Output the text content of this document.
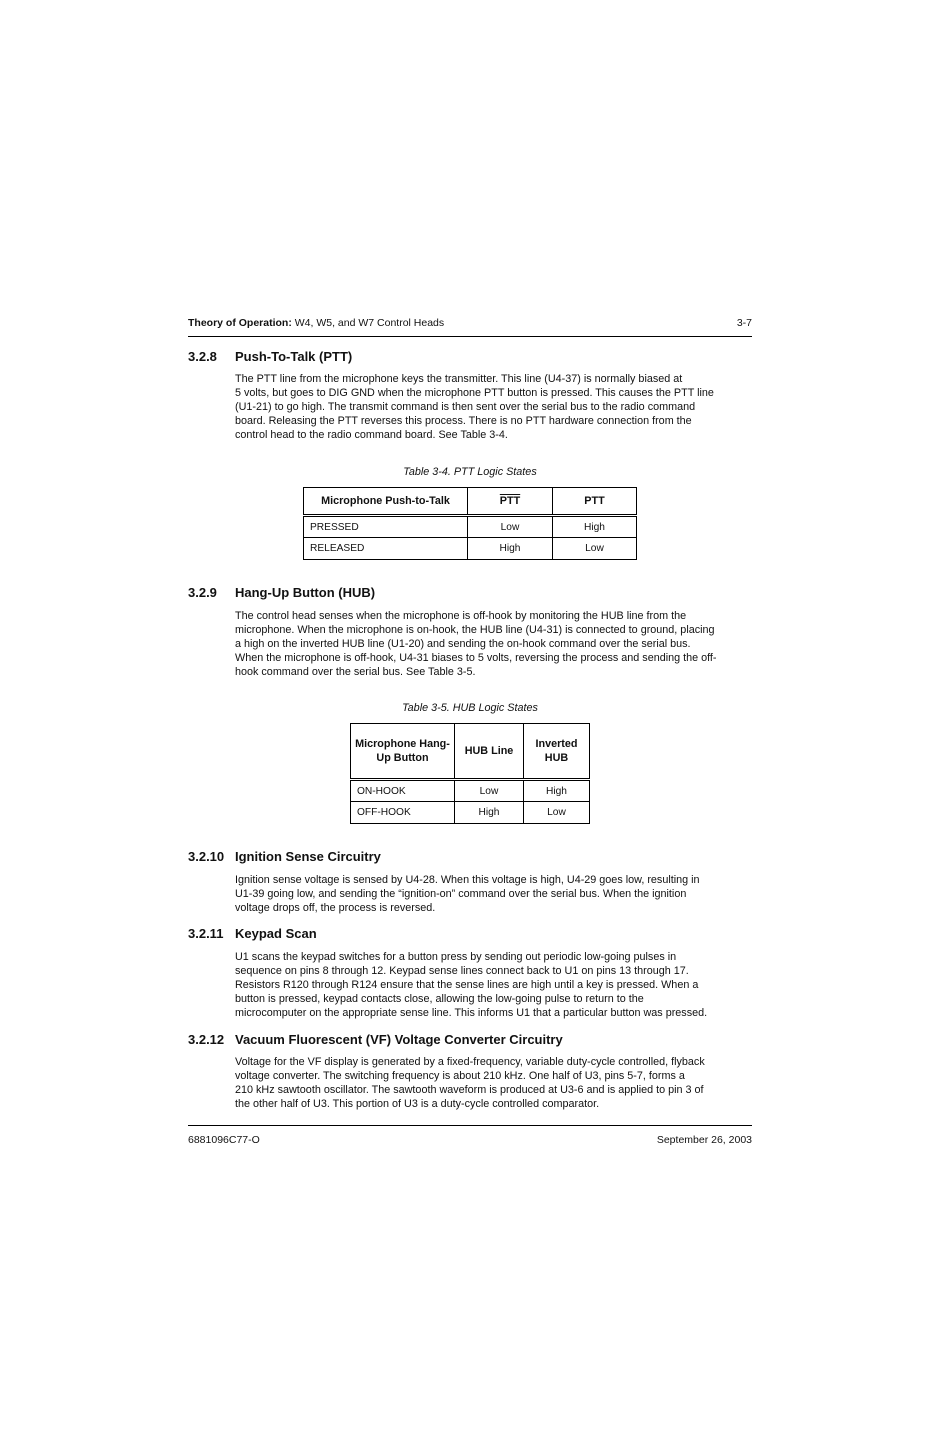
Theory of Operation: W4, W5, and W7 Control Heads	3-7
3.2.8 Push-To-Talk (PTT)
The PTT line from the microphone keys the transmitter. This line (U4-37) is normally biased at
5 volts, but goes to DIG GND when the microphone PTT button is pressed. This causes the PTT line
(U1-21) to go high. The transmit command is then sent over the serial bus to the radio command
board. Releasing the PTT reverses this process. There is no PTT hardware connection from the
control head to the radio command board. See Table 3-4.
Table 3-4. PTT Logic States
Microphone Push-to-Talk	$\overline{PTT}$	PTT
PRESSED	Low	High
RELEASED	High	Low
3.2.9 Hang-Up Button (HUB)
The control head senses when the microphone is off-hook by monitoring the HUB line from the
microphone. When the microphone is on-hook, the HUB line (U4-31) is connected to ground, placing
a high on the inverted HUB line (U1-20) and sending the on-hook command over the serial bus.
When the microphone is off-hook, U4-31 biases to 5 volts, reversing the process and sending the off-
hook command over the serial bus. See Table 3-5.
Table 3-5. HUB Logic States
Microphone Hang-Up Button	HUB Line	Inverted HUB
ON-HOOK	Low	High
OFF-HOOK	High	Low
3.2.10 Ignition Sense Circuitry
Ignition sense voltage is sensed by U4-28. When this voltage is high, U4-29 goes low, resulting in
U1-39 going low, and sending the “ignition-on” command over the serial bus. When the ignition
voltage drops off, the process is reversed.
3.2.11 Keypad Scan
U1 scans the keypad switches for a button press by sending out periodic low-going pulses in
sequence on pins 8 through 12. Keypad sense lines connect back to U1 on pins 13 through 17.
Resistors R120 through R124 ensure that the sense lines are high until a key is pressed. When a
button is pressed, keypad contacts close, allowing the low-going pulse to return to the
microcomputer on the appropriate sense line. This informs U1 that a particular button was pressed.
3.2.12 Vacuum Fluorescent (VF) Voltage Converter Circuitry
Voltage for the VF display is generated by a fixed-frequency, variable duty-cycle controlled, flyback
voltage converter. The switching frequency is about 210 kHz. One half of U3, pins 5-7, forms a
210 kHz sawtooth oscillator. The sawtooth waveform is produced at U3-6 and is applied to pin 3 of
the other half of U3. This portion of U3 is a duty-cycle controlled comparator.
6881096C77-O	September 26, 2003
